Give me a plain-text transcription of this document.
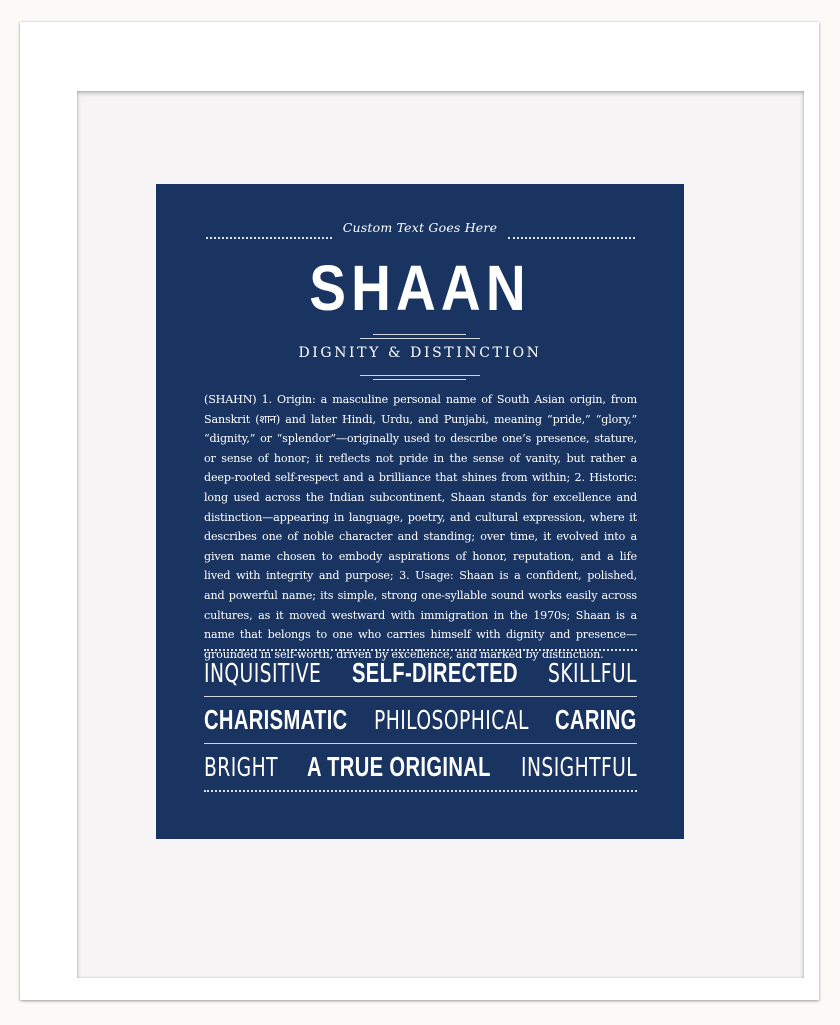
Custom Text Goes Here
SHAAN
DIGNITY & DISTINCTION
(SHAHN) 1. Origin: a masculine personal name of South Asian origin, from
Sanskrit (शान) and later Hindi, Urdu, and Punjabi, meaning “pride,” “glory,”
“dignity,” or “splendor”—originally used to describe one’s presence, stature,
or sense of honor; it reflects not pride in the sense of vanity, but rather a
deep-rooted self-respect and a brilliance that shines from within; 2. Historic:
long used across the Indian subcontinent, Shaan stands for excellence and
distinction—appearing in language, poetry, and cultural expression, where it
describes one of noble character and standing; over time, it evolved into a
given name chosen to embody aspirations of honor, reputation, and a life
lived with integrity and purpose; 3. Usage: Shaan is a confident, polished,
and powerful name; its simple, strong one-syllable sound works easily across
cultures, as it moved westward with immigration in the 1970s; Shaan is a
name that belongs to one who carries himself with dignity and presence—
grounded in self-worth, driven by excellence, and marked by distinction.
INQUISITIVE SELF-DIRECTED SKILLFUL
CHARISMATIC PHILOSOPHICAL CARING
BRIGHT A TRUE ORIGINAL INSIGHTFUL
